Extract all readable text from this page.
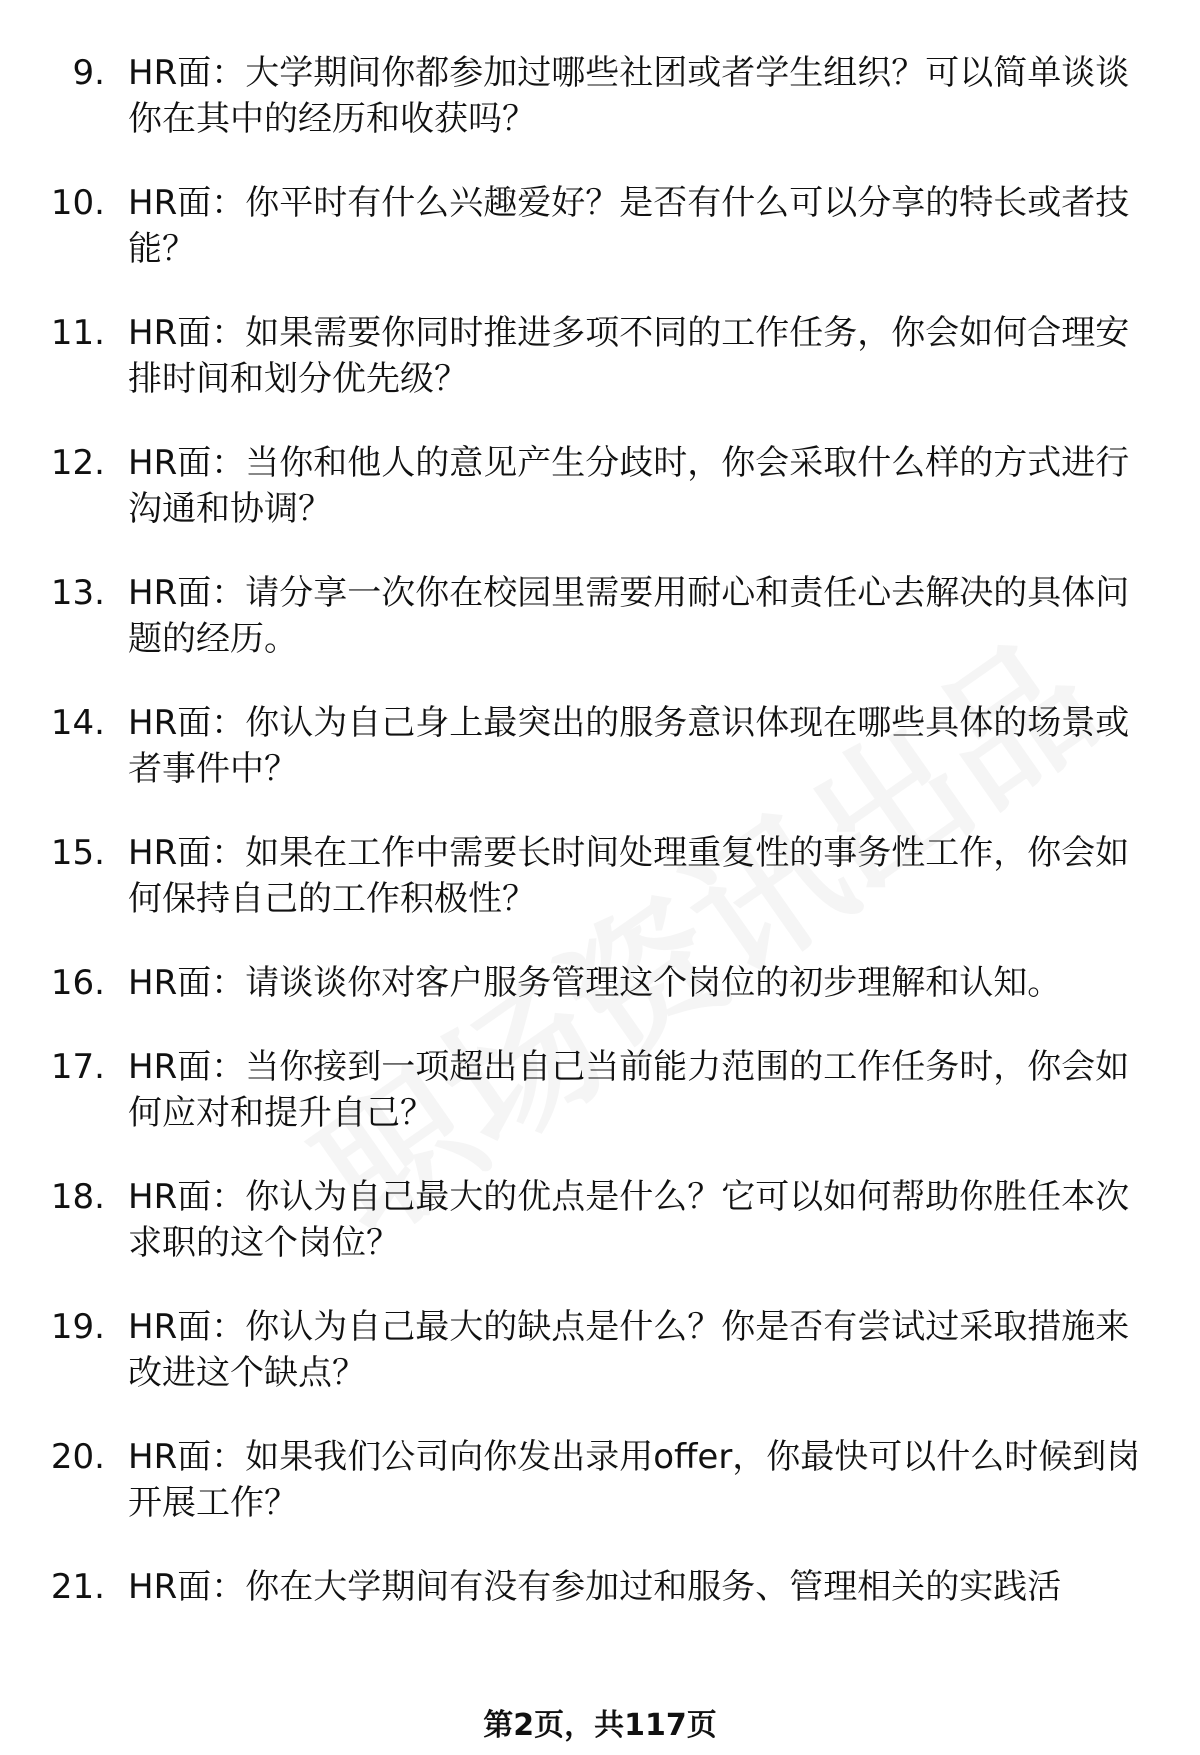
9. HR面：大学期间你都参加过哪些社团或者学生组织？可以简单谈谈你在其中的经历和收获吗？
10. HR面：你平时有什么兴趣爱好？是否有什么可以分享的特长或者技能？
11. HR面：如果需要你同时推进多项不同的工作任务，你会如何合理安排时间和划分优先级？
12. HR面：当你和他人的意见产生分歧时，你会采取什么样的方式进行沟通和协调？
13. HR面：请分享一次你在校园里需要用耐心和责任心去解决的具体问题的经历。
14. HR面：你认为自己身上最突出的服务意识体现在哪些具体的场景或者事件中？
15. HR面：如果在工作中需要长时间处理重复性的事务性工作，你会如何保持自己的工作积极性？
16. HR面：请谈谈你对客户服务管理这个岗位的初步理解和认知。
17. HR面：当你接到一项超出自己当前能力范围的工作任务时，你会如何应对和提升自己？
18. HR面：你认为自己最大的优点是什么？它可以如何帮助你胜任本次求职的这个岗位？
19. HR面：你认为自己最大的缺点是什么？你是否有尝试过采取措施来改进这个缺点？
20. HR面：如果我们公司向你发出录用offer，你最快可以什么时候到岗开展工作？
21. HR面：你在大学期间有没有参加过和服务、管理相关的实践活
第2页，共117页
